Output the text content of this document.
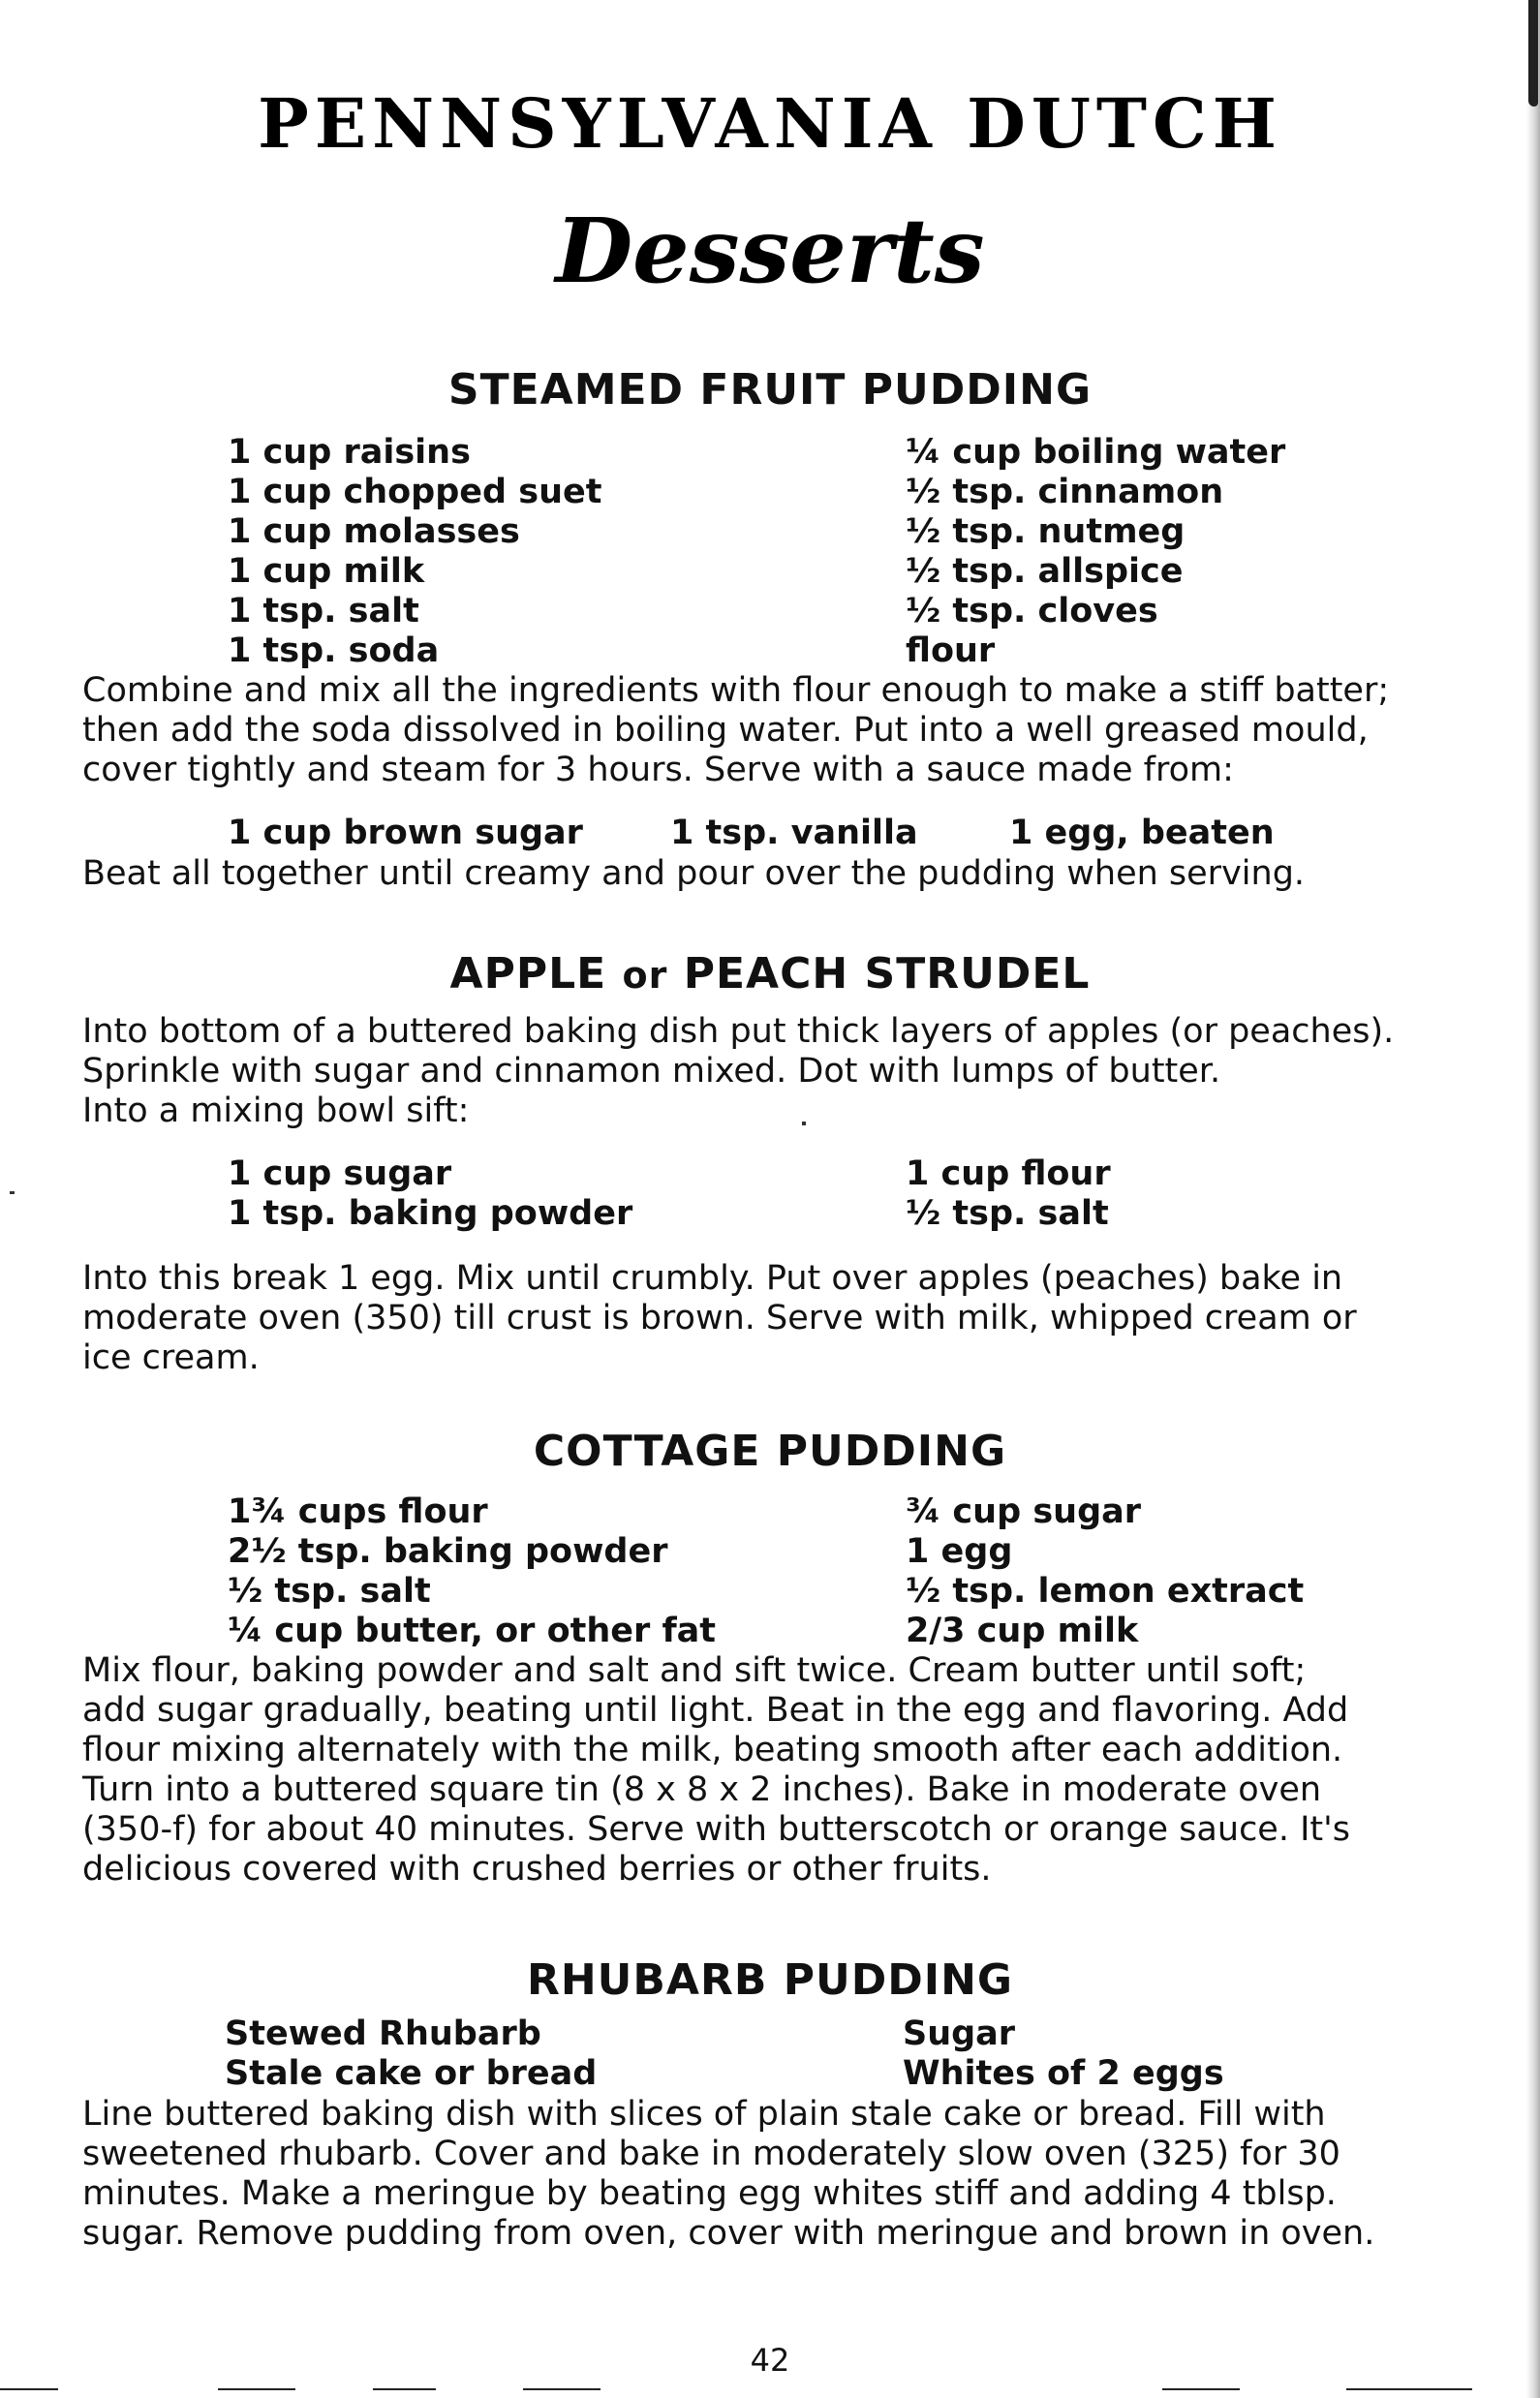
PENNSYLVANIA DUTCH
Desserts
STEAMED FRUIT PUDDING
1 cup raisins
1 cup chopped suet
1 cup molasses
1 cup milk
1 tsp. salt
1 tsp. soda
¼ cup boiling water
½ tsp. cinnamon
½ tsp. nutmeg
½ tsp. allspice
½ tsp. cloves
flour
Combine and mix all the ingredients with flour enough to make a stiff batter;
then add the soda dissolved in boiling water. Put into a well greased mould,
cover tightly and steam for 3 hours. Serve with a sauce made from:
1 cup brown sugar	1 tsp. vanilla	1 egg, beaten
Beat all together until creamy and pour over the pudding when serving.
APPLE or PEACH STRUDEL
Into bottom of a buttered baking dish put thick layers of apples (or peaches).
Sprinkle with sugar and cinnamon mixed. Dot with lumps of butter.
Into a mixing bowl sift:
1 cup sugar
1 tsp. baking powder
1 cup flour
½ tsp. salt
Into this break 1 egg. Mix until crumbly. Put over apples (peaches) bake in
moderate oven (350) till crust is brown. Serve with milk, whipped cream or
ice cream.
COTTAGE PUDDING
1¾ cups flour
2½ tsp. baking powder
½ tsp. salt
¼ cup butter, or other fat
¾ cup sugar
1 egg
½ tsp. lemon extract
2/3 cup milk
Mix flour, baking powder and salt and sift twice. Cream butter until soft;
add sugar gradually, beating until light. Beat in the egg and flavoring. Add
flour mixing alternately with the milk, beating smooth after each addition.
Turn into a buttered square tin (8 x 8 x 2 inches). Bake in moderate oven
(350-f) for about 40 minutes. Serve with butterscotch or orange sauce. It's
delicious covered with crushed berries or other fruits.
RHUBARB PUDDING
Stewed Rhubarb
Stale cake or bread
Sugar
Whites of 2 eggs
Line buttered baking dish with slices of plain stale cake or bread. Fill with
sweetened rhubarb. Cover and bake in moderately slow oven (325) for 30
minutes. Make a meringue by beating egg whites stiff and adding 4 tblsp.
sugar. Remove pudding from oven, cover with meringue and brown in oven.
42
